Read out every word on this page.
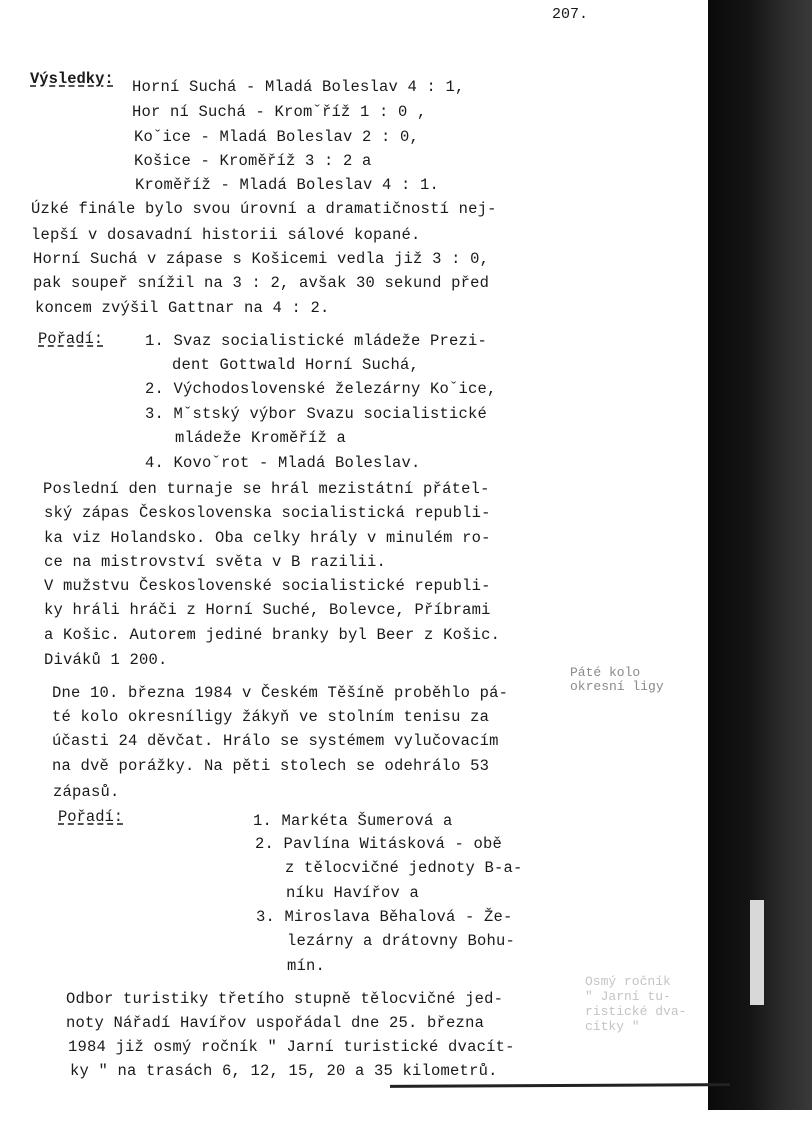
207.
Výsledky: Horní Suchá - Mladá Boleslav 4 : 1,
Hor ní Suchá - Kromˇříž 1 : 0 ,
Koˇice - Mladá Boleslav 2 : 0,
Košice - Kroměříž 3 : 2 a
Kroměříž - Mladá Boleslav 4 : 1.
Úzké finále bylo svou úrovní a dramatičností nej-
lepší v dosavadní historii sálové kopané.
Horní Suchá v zápase s Košicemi vedla již 3 : 0,
pak soupeř snížil na 3 : 2, avšak 30 sekund před
koncem zvýšil Gattnar na 4 : 2.
Pořadí:	1. Svaz socialistické mládeže Prezi-
dent Gottwald Horní Suchá,
2. Východoslovenské železárny Koˇice,
3. Mˇstský výbor Svazu socialistické
mládeže Kroměříž a
4. Kovoˇrot - Mladá Boleslav.
Poslední den turnaje se hrál mezistátní přátel-
ský zápas Československa socialistická republi-
ka viz Holandsko. Oba celky hrály v minulém ro-
ce na mistrovství světa v B razilii.
V mužstvu Československé socialistické republi-
ky hráli hráči z Horní Suché, Bolevce, Příbrami
a Košic. Autorem jediné branky byl Beer z Košic.
Diváků 1 200.
Dne 10. března 1984 v Českém Těšíně proběhlo pá-
té kolo okresníligy žákyň ve stolním tenisu za
účasti 24 děvčat. Hrálo se systémem vylučovacím
na dvě porážky. Na pěti stolech se odehrálo 53
zápasů.
Páté kolo
okresní ligy
Pořadí:	1. Markéta Šumerová a
2. Pavlína Witásková - obě
z tělocvičné jednoty B-a-
níku Havířov a
3. Miroslava Běhalová - Že-
lezárny a drátovny Bohu-
mín.
Odbor turistiky třetího stupně tělocvičné jed-
noty Nářadí Havířov uspořádal dne 25. března
1984 již osmý ročník " Jarní turistické dvacít-
ky " na trasách 6, 12, 15, 20 a 35 kilometrů.
Osmý ročník
" Jarní tu-
ristické dva-
cítky "
